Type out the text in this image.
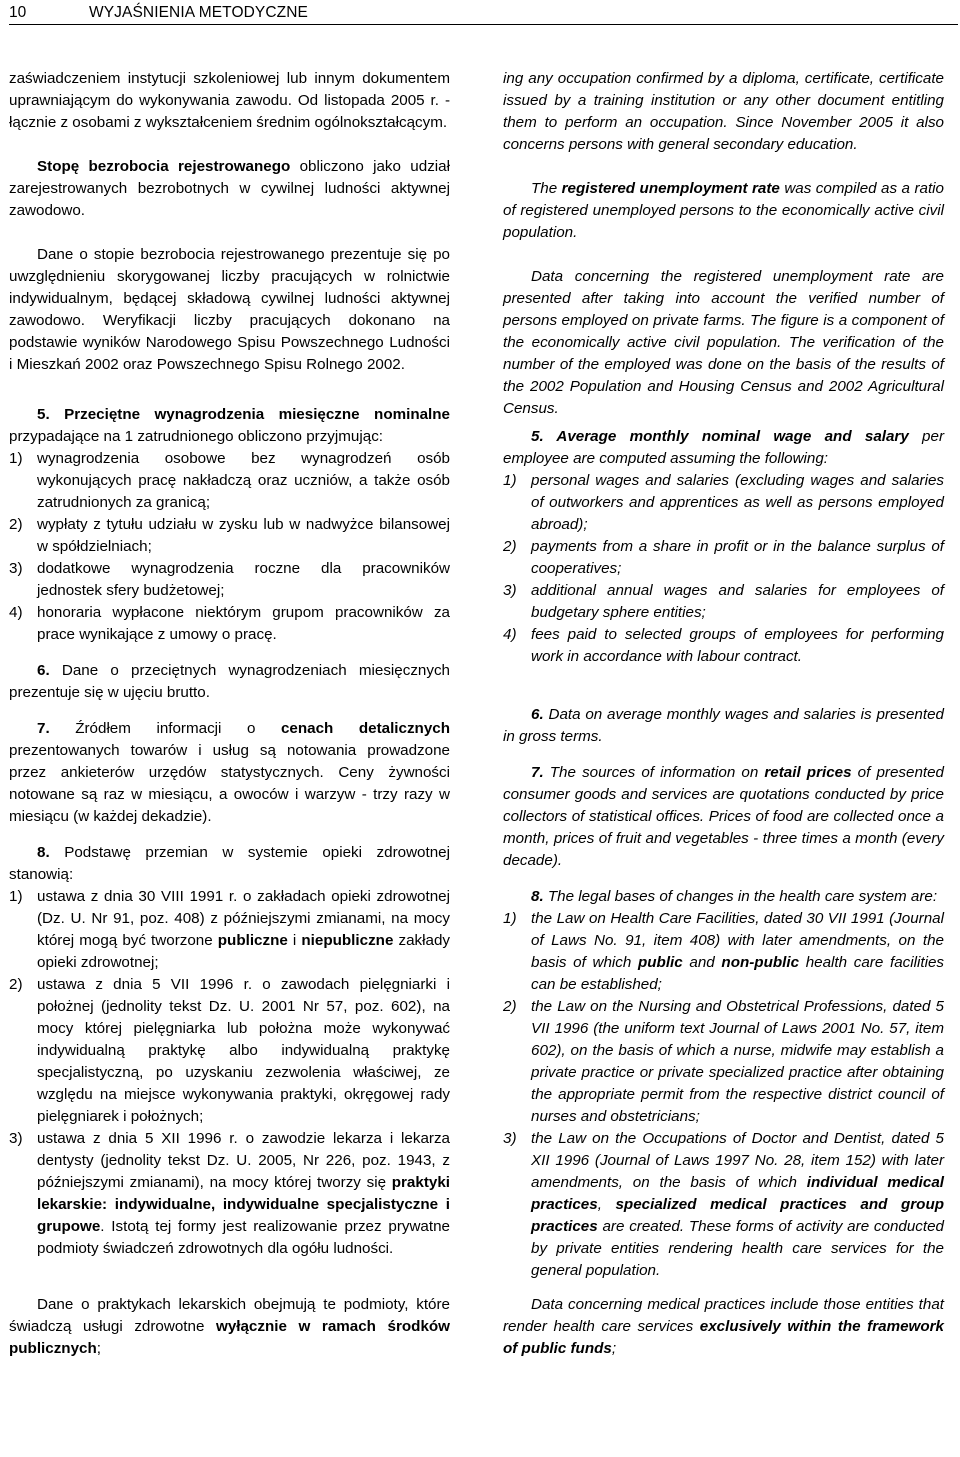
10	WYJAŚNIENIA METODYCZNE

zaświadczeniem instytucji szkoleniowej lub innym dokumentem uprawniającym do wykonywania zawodu. Od listopada 2005 r. - łącznie z osobami z wykształceniem średnim ogólnokształcącym.

Stopę bezrobocia rejestrowanego obliczono jako udział zarejestrowanych bezrobotnych w cywilnej ludności aktywnej zawodowo.

Dane o stopie bezrobocia rejestrowanego prezentuje się po uwzględnieniu skorygowanej liczby pracujących w rolnictwie indywidualnym, będącej składową cywilnej ludności aktywnej zawodowo. Weryfikacji liczby pracujących dokonano na podstawie wyników Narodowego Spisu Powszechnego Ludności i Mieszkań 2002 oraz Powszechnego Spisu Rolnego 2002.

5. Przeciętne wynagrodzenia miesięczne nominalne przypadające na 1 zatrudnionego obliczono przyjmując:

1) wynagrodzenia osobowe bez wynagrodzeń osób wykonujących pracę nakładczą oraz uczniów, a także osób zatrudnionych za granicą;
2) wypłaty z tytułu udziału w zysku lub w nadwyżce bilansowej w spółdzielniach;
3) dodatkowe wynagrodzenia roczne dla pracowników jednostek sfery budżetowej;
4) honoraria wypłacone niektórym grupom pracowników za prace wynikające z umowy o pracę.

6. Dane o przeciętnych wynagrodzeniach miesięcznych prezentuje się w ujęciu brutto.

7. Źródłem informacji o cenach detalicznych prezentowanych towarów i usług są notowania prowadzone przez ankieterów urzędów statystycznych. Ceny żywności notowane są raz w miesiącu, a owoców i warzyw - trzy razy w miesiącu (w każdej dekadzie).

8. Podstawę przemian w systemie opieki zdrowotnej stanowią:

1) ustawa z dnia 30 VIII 1991 r. o zakładach opieki zdrowotnej (Dz. U. Nr 91, poz. 408) z późniejszymi zmianami, na mocy której mogą być tworzone publiczne i niepubliczne zakłady opieki zdrowotnej;
2) ustawa z dnia 5 VII 1996 r. o zawodach pielęgniarki i położnej (jednolity tekst Dz. U. 2001 Nr 57, poz. 602), na mocy której pielęgniarka lub położna może wykonywać indywidualną praktykę albo indywidualną praktykę specjalistyczną, po uzyskaniu zezwolenia właściwej, ze względu na miejsce wykonywania praktyki, okręgowej rady pielęgniarek i położnych;
3) ustawa z dnia 5 XII 1996 r. o zawodzie lekarza i lekarza dentysty (jednolity tekst Dz. U. 2005, Nr 226, poz. 1943, z późniejszymi zmianami), na mocy której tworzy się praktyki lekarskie: indywidualne, indywidualne specjalistyczne i grupowe. Istotą tej formy jest realizowanie przez prywatne podmioty świadczeń zdrowotnych dla ogółu ludności.

Dane o praktykach lekarskich obejmują te podmioty, które świadczą usługi zdrowotne wyłącznie w ramach środków publicznych;

ing any occupation confirmed by a diploma, certificate, certificate issued by a training institution or any other document entitling them to perform an occupation. Since November 2005 it also concerns persons with general secondary education.

The registered unemployment rate was compiled as a ratio of registered unemployed persons to the economically active civil population.

Data concerning the registered unemployment rate are presented after taking into account the verified number of persons employed on private farms. The figure is a component of the economically active civil population. The verification of the number of the employed was done on the basis of the results of the 2002 Population and Housing Census and 2002 Agricultural Census.

5. Average monthly nominal wage and salary per employee are computed assuming the following:

1) personal wages and salaries (excluding wages and salaries of outworkers and apprentices as well as persons employed abroad);
2) payments from a share in profit or in the balance surplus of cooperatives;
3) additional annual wages and salaries for employees of budgetary sphere entities;
4) fees paid to selected groups of employees for performing work in accordance with labour contract.

6. Data on average monthly wages and salaries is presented in gross terms.

7. The sources of information on retail prices of presented consumer goods and services are quotations conducted by price collectors of statistical offices. Prices of food are collected once a month, prices of fruit and vegetables - three times a month (every decade).

8. The legal bases of changes in the health care system are:

1) the Law on Health Care Facilities, dated 30 VII 1991 (Journal of Laws No. 91, item 408) with later amendments, on the basis of which public and non-public health care facilities can be established;
2) the Law on the Nursing and Obstetrical Professions, dated 5 VII 1996 (the uniform text Journal of Laws 2001 No. 57, item 602), on the basis of which a nurse, midwife may establish a private practice or private specialized practice after obtaining the appropriate permit from the respective district council of nurses and obstetricians;
3) the Law on the Occupations of Doctor and Dentist, dated 5 XII 1996 (Journal of Laws 1997 No. 28, item 152) with later amendments, on the basis of which individual medical practices, specialized medical practices and group practices are created. These forms of activity are conducted by private entities rendering health care services for the general population.

Data concerning medical practices include those entities that render health care services exclusively within the framework of public funds;
